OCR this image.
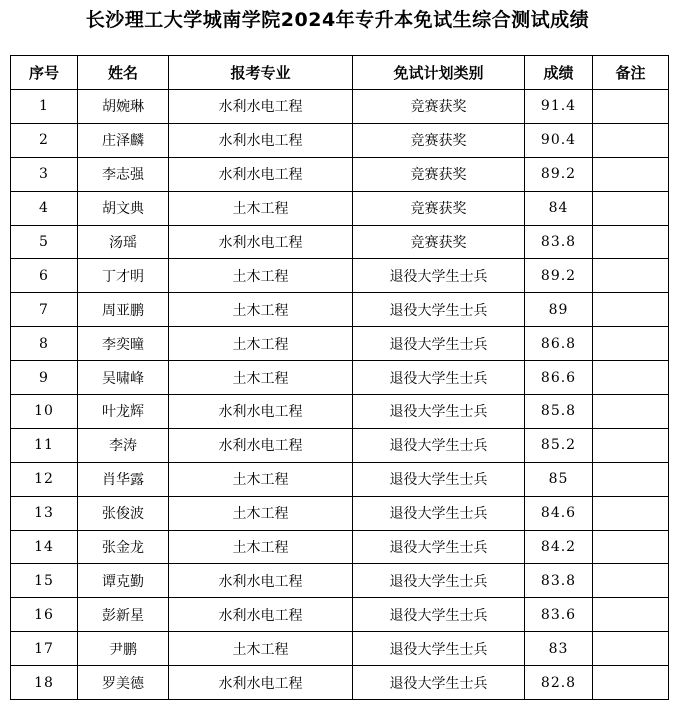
长沙理工大学城南学院2024年专升本免试生综合测试成绩
序号	姓名	报考专业	免试计划类别	成绩	备注
1	胡婉琳	水利水电工程	竞赛获奖	91.4	
2	庄泽麟	水利水电工程	竞赛获奖	90.4	
3	李志强	水利水电工程	竞赛获奖	89.2	
4	胡文典	土木工程	竞赛获奖	84	
5	汤瑶	水利水电工程	竞赛获奖	83.8	
6	丁才明	土木工程	退役大学生士兵	89.2	
7	周亚鹏	土木工程	退役大学生士兵	89	
8	李奕曈	土木工程	退役大学生士兵	86.8	
9	吴啸峰	土木工程	退役大学生士兵	86.6	
10	叶龙辉	水利水电工程	退役大学生士兵	85.8	
11	李涛	水利水电工程	退役大学生士兵	85.2	
12	肖华露	土木工程	退役大学生士兵	85	
13	张俊波	土木工程	退役大学生士兵	84.6	
14	张金龙	土木工程	退役大学生士兵	84.2	
15	谭克勤	水利水电工程	退役大学生士兵	83.8	
16	彭新星	水利水电工程	退役大学生士兵	83.6	
17	尹鹏	土木工程	退役大学生士兵	83	
18	罗美德	水利水电工程	退役大学生士兵	82.8	
